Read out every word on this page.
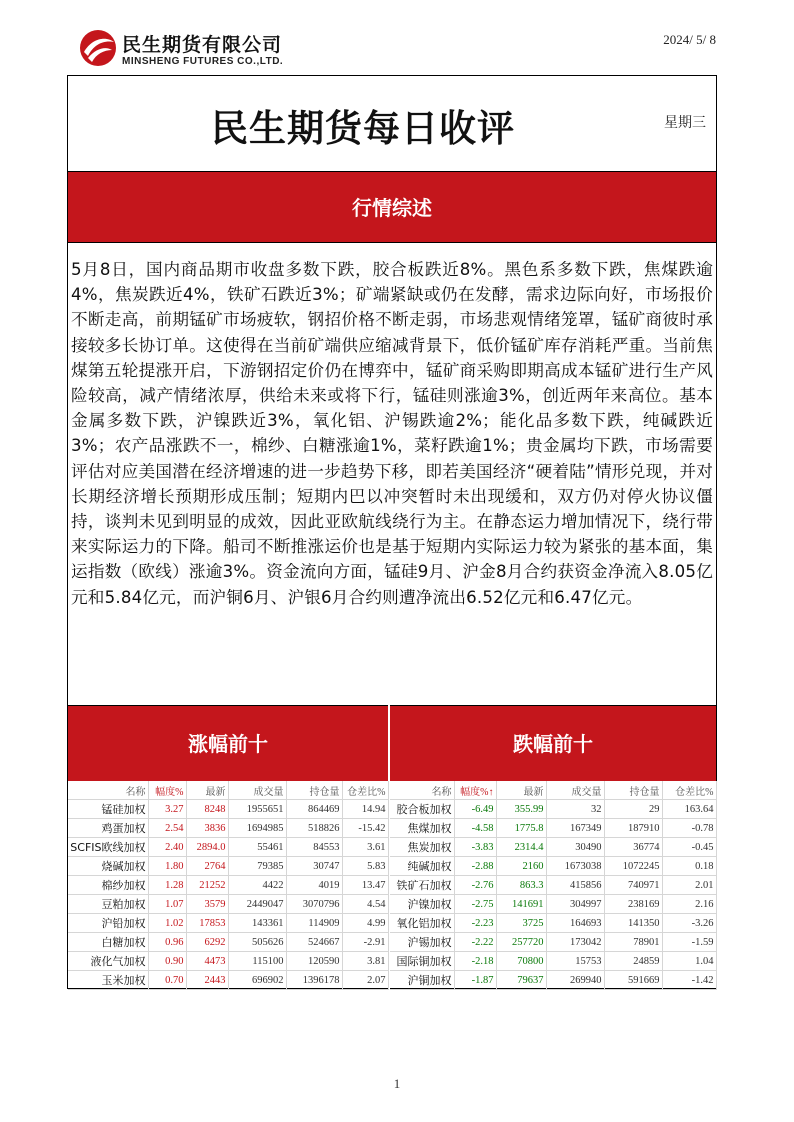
民生期货有限公司
MINSHENG FUTURES CO.,LTD.
2024/ 5/ 8
民生期货每日收评	星期三
行情综述
5月8日，国内商品期市收盘多数下跌，胶合板跌近8%。黑色系多数下跌，焦煤跌逾4%，焦炭跌近4%，铁矿石跌近3%；矿端紧缺或仍在发酵，需求边际向好，市场报价不断走高，前期锰矿市场疲软，钢招价格不断走弱，市场悲观情绪笼罩，锰矿商彼时承接较多长协订单。这使得在当前矿端供应缩减背景下，低价锰矿库存消耗严重。当前焦煤第五轮提涨开启，下游钢招定价仍在博弈中，锰矿商采购即期高成本锰矿进行生产风险较高，减产情绪浓厚，供给未来或将下行，锰硅则涨逾3%，创近两年来高位。基本金属多数下跌，沪镍跌近3%，氧化铝、沪锡跌逾2%；能化品多数下跌，纯碱跌近3%；农产品涨跌不一，棉纱、白糖涨逾1%，菜籽跌逾1%；贵金属均下跌，市场需要评估对应美国潜在经济增速的进一步趋势下移，即若美国经济“硬着陆”情形兑现，并对长期经济增长预期形成压制；短期内巴以冲突暂时未出现缓和，双方仍对停火协议僵持，谈判未见到明显的成效，因此亚欧航线绕行为主。在静态运力增加情况下，绕行带来实际运力的下降。船司不断推涨运价也是基于短期内实际运力较为紧张的基本面，集运指数（欧线）涨逾3%。资金流向方面，锰硅9月、沪金8月合约获资金净流入8.05亿元和5.84亿元，而沪铜6月、沪银6月合约则遭净流出6.52亿元和6.47亿元。
涨幅前十	跌幅前十
名称	幅度%	最新	成交量	持仓量	仓差比%
锰硅加权	3.27	8248	1955651	864469	14.94
鸡蛋加权	2.54	3836	1694985	518826	-15.42
SCFIS欧线加权	2.40	2894.0	55461	84553	3.61
烧碱加权	1.80	2764	79385	30747	5.83
棉纱加权	1.28	21252	4422	4019	13.47
豆粕加权	1.07	3579	2449047	3070796	4.54
沪铅加权	1.02	17853	143361	114909	4.99
白糖加权	0.96	6292	505626	524667	-2.91
液化气加权	0.90	4473	115100	120590	3.81
玉米加权	0.70	2443	696902	1396178	2.07
名称	幅度%↑	最新	成交量	持仓量	仓差比%
胶合板加权	-6.49	355.99	32	29	163.64
焦煤加权	-4.58	1775.8	167349	187910	-0.78
焦炭加权	-3.83	2314.4	30490	36774	-0.45
纯碱加权	-2.88	2160	1673038	1072245	0.18
铁矿石加权	-2.76	863.3	415856	740971	2.01
沪镍加权	-2.75	141691	304997	238169	2.16
氧化铝加权	-2.23	3725	164693	141350	-3.26
沪锡加权	-2.22	257720	173042	78901	-1.59
国际铜加权	-2.18	70800	15753	24859	1.04
沪铜加权	-1.87	79637	269940	591669	-1.42
1
